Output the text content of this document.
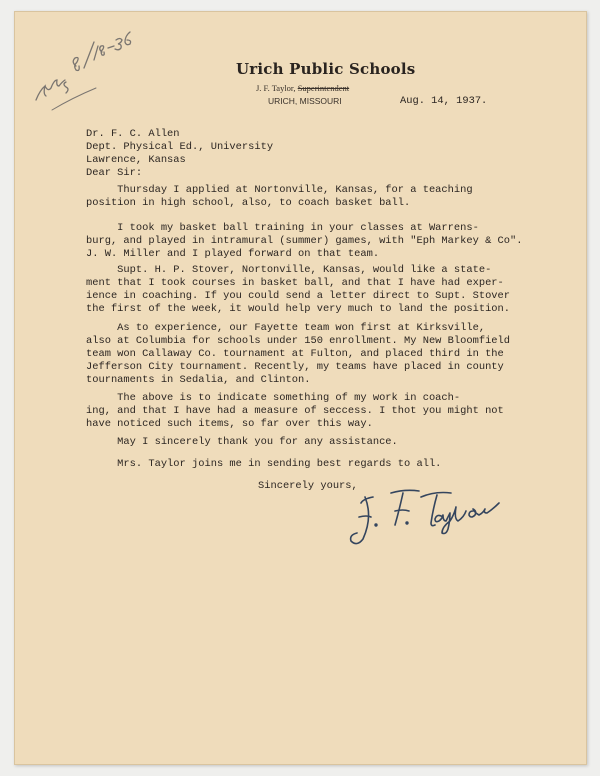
Urich Public Schools
J. F. Taylor, Superintendent
URICH, MISSOURI	Aug. 14, 1937.
Dr. F. C. Allen
Dept. Physical Ed., University
Lawrence, Kansas
Dear Sir:
Thursday I applied at Nortonville, Kansas, for a teaching
position in high school, also, to coach basket ball.
I took my basket ball training in your classes at Warrens-
burg, and played in intramural (summer) games, with "Eph Markey & Co".
J. W. Miller and I played forward on that team.
Supt. H. P. Stover, Nortonville, Kansas, would like a state-
ment that I took courses in basket ball, and that I have had exper-
ience in coaching. If you could send a letter direct to Supt. Stover
the first of the week, it would help very much to land the position.
As to experience, our Fayette team won first at Kirksville,
also at Columbia for schools under 150 enrollment. My New Bloomfield
team won Callaway Co. tournament at Fulton, and placed third in the
Jefferson City tournament. Recently, my teams have placed in county
tournaments in Sedalia, and Clinton.
The above is to indicate something of my work in coach-
ing, and that I have had a measure of seccess. I thot you might not
have noticed such items, so far over this way.
May I sincerely thank you for any assistance.
Mrs. Taylor joins me in sending best regards to all.
Sincerely yours,
